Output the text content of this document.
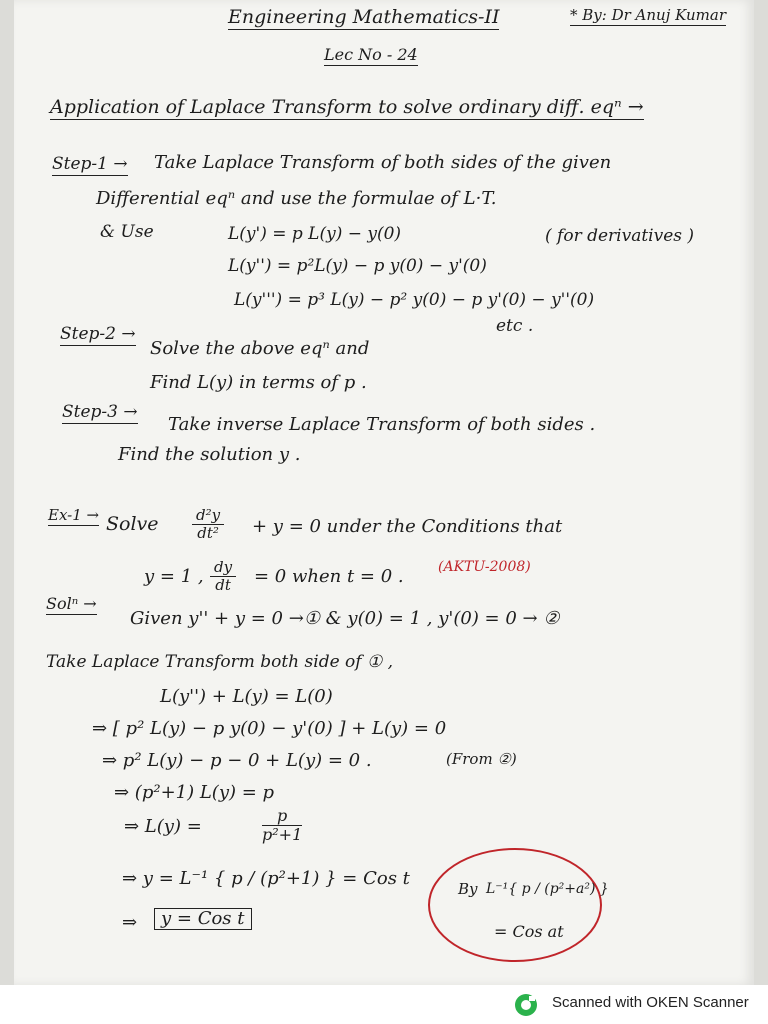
Engineering Mathematics-II	* By: Dr Anuj Kumar
Lec No - 24
Application of Laplace Transform to solve ordinary diff. eqⁿ →
Step-1 → Take Laplace Transform of both sides of the given
Differential eqⁿ and use the formulae of L·T.
& Use	L(y') = p L(y) − y(0)	( for derivatives )
L(y'') = p²L(y) − p y(0) − y'(0)
L(y''') = p³ L(y) − p² y(0) − p y'(0) − y''(0)
etc .
Step-2 →
Solve the above eqⁿ and
Find L(y) in terms of p .
Step-3 →
Take inverse Laplace Transform of both sides .
Find the solution y .
Ex-1 → Solve $\frac{\text{d²y}}{\text{dt²}} + y = 0$ under the Conditions that
y = 1 , $\frac{dy}{dt} = 0$ when t = 0 . (AKTU-2008)
Solⁿ →
Given y'' + y = 0 →① & y(0) = 1 , y'(0) = 0 → ②
Take Laplace Transform both side of ① ,
L(y'') + L(y) = L(0)
⇒ [ p² L(y) − p y(0) − y'(0) ] + L(y) = 0
⇒ p² L(y) − p − 0 + L(y) = 0 .	(From ②)
⇒ (p²+1) L(y) = p
⇒ L(y) =	$\frac{p}{\text{p²+1}}$
⇒ y = L⁻¹ { p / (p²+1) } = Cos t
⇒	y = Cos t
By L⁻¹{ p / (p²+a²) }
= Cos at
Scanned with OKEN Scanner
